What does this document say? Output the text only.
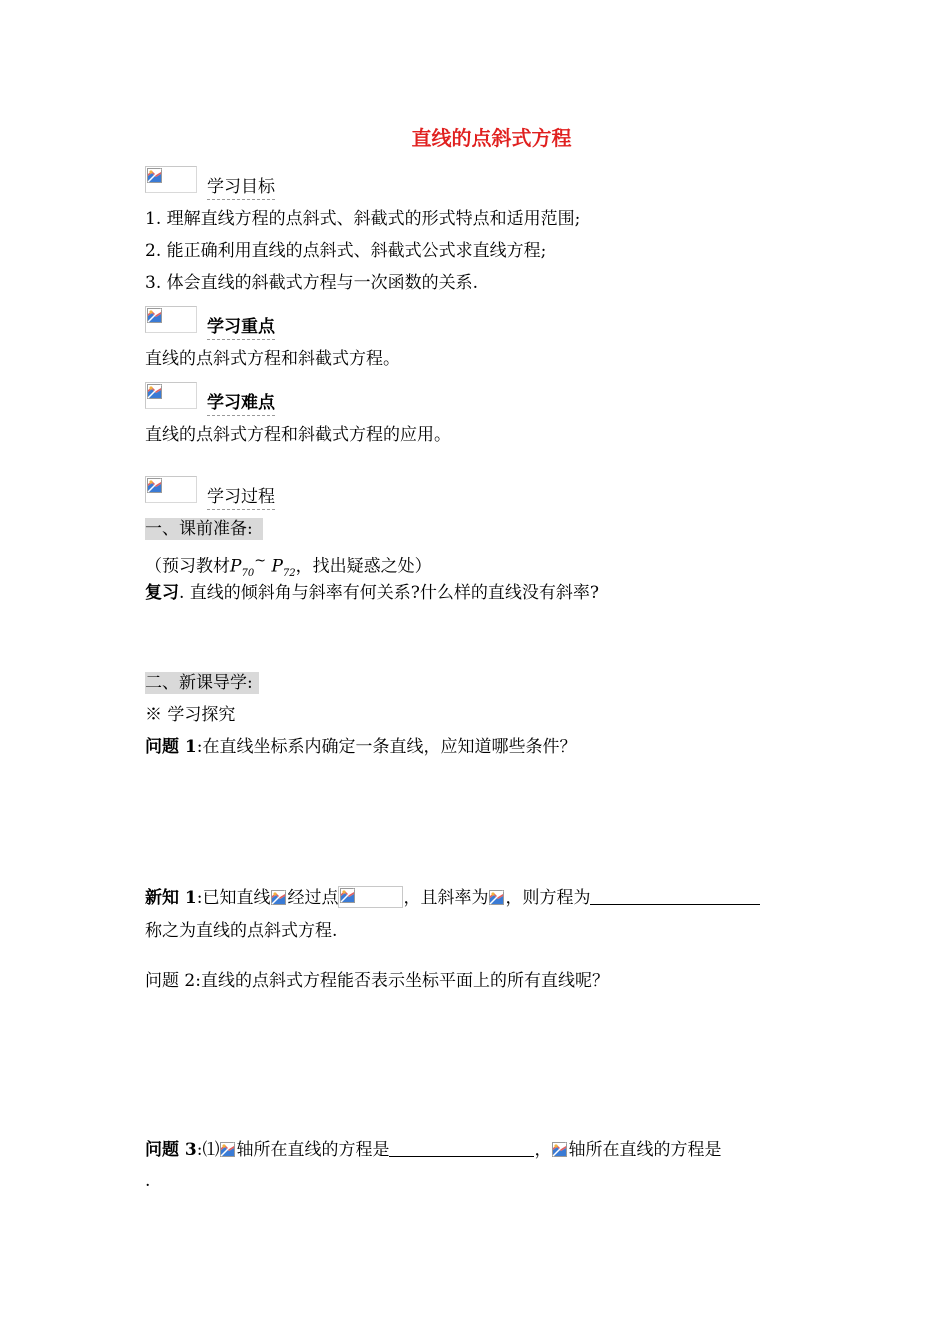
直线的点斜式方程
学习目标
1. 理解直线方程的点斜式、斜截式的形式特点和适用范围;
2. 能正确利用直线的点斜式、斜截式公式求直线方程;
3. 体会直线的斜截式方程与一次函数的关系.
学习重点
直线的点斜式方程和斜截式方程。
学习难点
直线的点斜式方程和斜截式方程的应用。
学习过程
一、课前准备:
（预习教材$P_{70}^\sim$ $P_{72}$，找出疑惑之处）
复习. 直线的倾斜角与斜率有何关系?什么样的直线没有斜率?
二、新课导学:
※ 学习探究
问题 1:在直线坐标系内确定一条直线，应知道哪些条件？
新知 1:已知直线 经过点	，且斜率为 ，则方程为
称之为直线的点斜式方程.
问题 2:直线的点斜式方程能否表示坐标平面上的所有直线呢？
问题 3:⑴ 轴所在直线的方程是	， 轴所在直线的方程是
.
